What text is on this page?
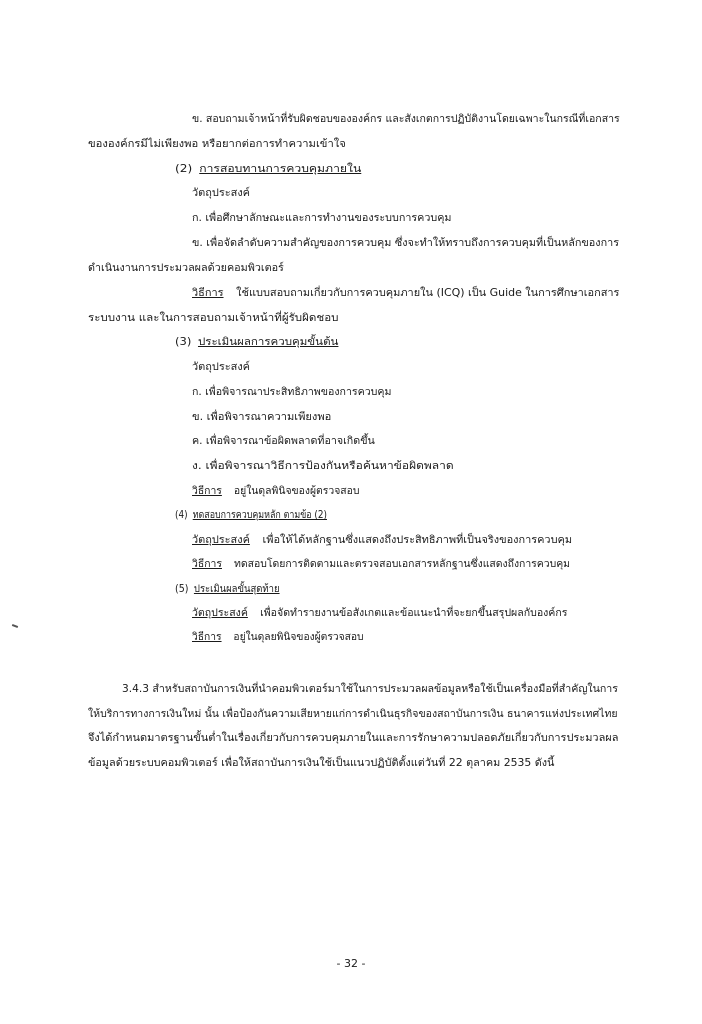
ข. สอบถามเจ้าหน้าที่รับผิดชอบขององค์กร และสังเกตการปฏิบัติงานโดยเฉพาะในกรณีที่เอกสาร
ขององค์กรมีไม่เพียงพอ หรือยากต่อการทำความเข้าใจ
(2) การสอบทานการควบคุมภายใน
วัตถุประสงค์
ก. เพื่อศึกษาลักษณะและการทำงานของระบบการควบคุม
ข. เพื่อจัดลำดับความสำคัญของการควบคุม ซึ่งจะทำให้ทราบถึงการควบคุมที่เป็นหลักของการ
ดำเนินงานการประมวลผลด้วยคอมพิวเตอร์
วิธีการ ใช้แบบสอบถามเกี่ยวกับการควบคุมภายใน (ICQ) เป็น Guide ในการศึกษาเอกสาร
ระบบงาน และในการสอบถามเจ้าหน้าที่ผู้รับผิดชอบ
(3) ประเมินผลการควบคุมขั้นต้น
วัตถุประสงค์
ก. เพื่อพิจารณาประสิทธิภาพของการควบคุม
ข. เพื่อพิจารณาความเพียงพอ
ค. เพื่อพิจารณาข้อผิดพลาดที่อาจเกิดขึ้น
ง. เพื่อพิจารณาวิธีการป้องกันหรือค้นหาข้อผิดพลาด
วิธีการ อยู่ในดุลพินิจของผู้ตรวจสอบ
(4) ทดสอบการควบคุมหลัก ตามข้อ (2)
วัตถุประสงค์ เพื่อให้ได้หลักฐานซึ่งแสดงถึงประสิทธิภาพที่เป็นจริงของการควบคุม
วิธีการ ทดสอบโดยการติดตามและตรวจสอบเอกสารหลักฐานซึ่งแสดงถึงการควบคุม
(5) ประเมินผลขั้นสุดท้าย
วัตถุประสงค์ เพื่อจัดทำรายงานข้อสังเกตและข้อแนะนำที่จะยกขึ้นสรุปผลกับองค์กร
วิธีการ อยู่ในดุลยพินิจของผู้ตรวจสอบ
3.4.3 สำหรับสถาบันการเงินที่นำคอมพิวเตอร์มาใช้ในการประมวลผลข้อมูลหรือใช้เป็นเครื่องมือที่สำคัญในการ
ให้บริการทางการเงินใหม่ นั้น เพื่อป้องกันความเสียหายแก่การดำเนินธุรกิจของสถาบันการเงิน ธนาคารแห่งประเทศไทย
จึงได้กำหนดมาตรฐานขั้นต่ำในเรื่องเกี่ยวกับการควบคุมภายในและการรักษาความปลอดภัยเกี่ยวกับการประมวลผล
ข้อมูลด้วยระบบคอมพิวเตอร์ เพื่อให้สถาบันการเงินใช้เป็นแนวปฏิบัติตั้งแต่วันที่ 22 ตุลาคม 2535 ดังนี้
- 32 -
